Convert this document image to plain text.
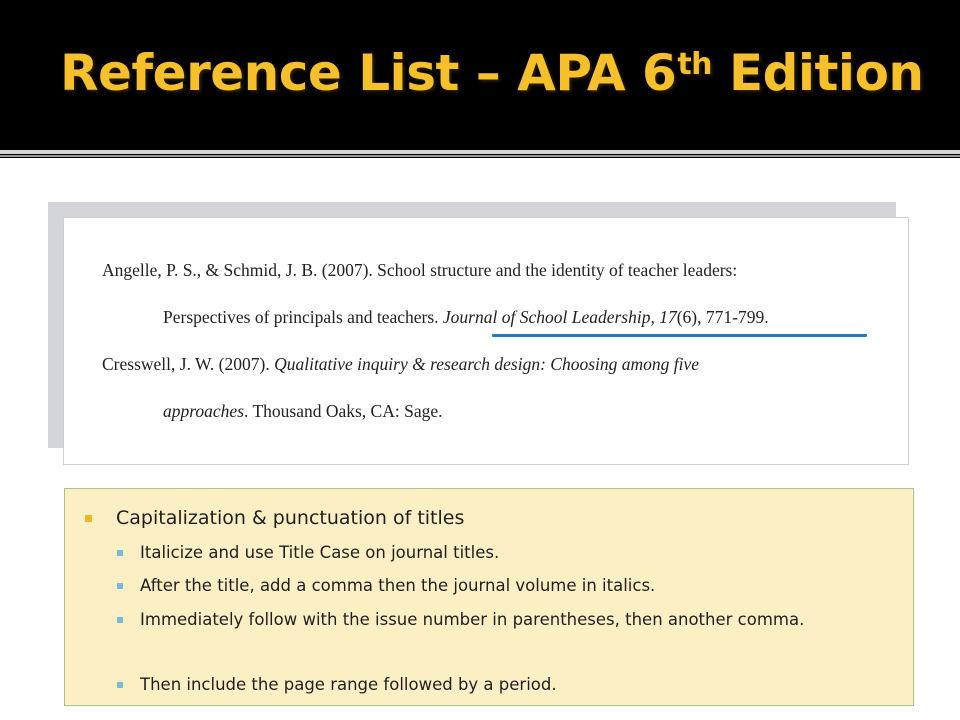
Reference List – APA 6th Edition

Angelle, P. S., & Schmid, J. B. (2007). School structure and the identity of teacher leaders:

Perspectives of principals and teachers. Journal of School Leadership, 17(6), 771-799.

Cresswell, J. W. (2007). Qualitative inquiry & research design: Choosing among five

approaches. Thousand Oaks, CA: Sage.

Capitalization & punctuation of titles
Italicize and use Title Case on journal titles.
After the title, add a comma then the journal volume in italics.
Immediately follow with the issue number in parentheses, then another comma.
Then include the page range followed by a period.
